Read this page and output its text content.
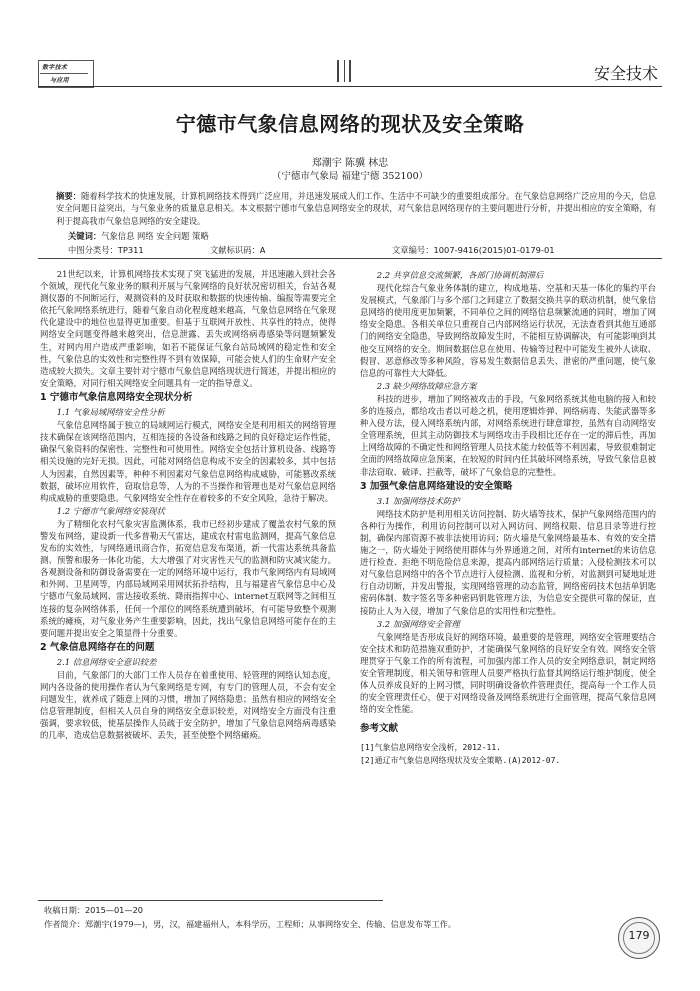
数字技术
与应用	安全技术
宁德市气象信息网络的现状及安全策略
郑潮宇 陈骥 林忠
（宁德市气象局 福建宁德 352100）
摘要：随着科学技术的快速发展，计算机网络技术得到广泛应用，并迅速发展成人们工作、生活中不可缺少的重要组成部分。在气象信息网络广泛应用的今天，信息安全问题日益突出，与气象业务的质量息息相关。本文根据宁德市气象信息网络安全的现状，对气象信息网络现存的主要问题进行分析，并提出相应的安全策略，有利于提高我市气象信息网络的安全建设。
关键词：气象信息 网络 安全问题 策略
中图分类号：TP311	文献标识码：A	文章编号：1007-9416(2015)01-0179-01

21世纪以来，计算机网络技术实现了突飞猛进的发展，并迅速融入到社会各个领域，现代化气象业务的顺利开展与气象网络的良好状况密切相关，台站各观测仪器的不间断运行，观测资料的及时获取和数据的快速传输、编报等需要完全依托气象网络系统进行，随着气象自动化程度越来越高，气象信息网络在气象现代化建设中的地位也显得更加重要。但基于互联网开放性、共享性的特点，使得网络安全问题变得越来越突出，信息泄露、丢失或网络病毒感染等问题频繁发生，对网内用户造成严重影响，如若不能保证气象台站局域网的稳定性和安全性，气象信息的实效性和完整性得不到有效保障，可能会使人们的生命财产安全造成较大损失。文章主要针对宁德市气象信息网络现状进行简述，并提出相应的安全策略，对同行相关网络安全问题具有一定的指导意义。

1 宁德市气象信息网络安全现状分析
1.1 气象局域网络安全性分析

气象信息网络属于独立的局域网运行模式，网络安全是利用相关的网络管理技术确保在该网络范围内，互相连接的各设备和线路之间的良好稳定运作性能，确保气象资料的保密性、完整性和可使用性。网络安全包括计算机设备、线路等相关设施的完好无损。因此，可能对网络信息构成不安全的因素较多，其中包括人为因素，自然因素等，种种不利因素对气象信息网络构成威胁，可能篡改系统数据，破坏应用软件，窃取信息等，人为的不当操作和管理也是对气象信息网络构成威胁的重要隐患。气象网络安全性存在着较多的不安全风险，急待于解决。

1.2 宁德市气象网络安装现状

为了精细化农村气象灾害监测体系，我市已经初步建成了覆盖农村气象的预警发布网络，建设新一代多普勒天气雷达，建成农村雷电监测网，提高气象信息发布的实效性，与网络通讯商合作，拓宽信息发布渠道，新一代雷达系统具备监测、预警和服务一体化功能，大大增强了对灾害性天气的监测和防灾减灾能力。各观测设备和防御设备需要在一定的网络环境中运行，我市气象网络内有局域网和外网、卫星网等，内部局域网采用网状拓扑结构，且与福建省气象信息中心及宁德市气象局域网、雷达接收系统、降雨指挥中心、internet互联网等之间相互连接的复杂网络体系，任何一个部位的网络系统遭到破坏，有可能导致整个观测系统的瘫痪，对气象业务产生重要影响，因此，找出气象信息网络可能存在的主要问题并提出安全之策显得十分重要。

2 气象信息网络存在的问题
2.1 信息网络安全意识较差

目前，气象部门的大部门工作人员存在着重使用、轻管理的网络认知态度，网内各设备的使用操作者认为气象网络是专网，有专门的管理人员，不会有安全问题发生，就养成了随意上网的习惯，增加了网络隐患；虽然有相应的网络安全信息管理制度，但相关人员自身的网络安全意识较差，对网络安全方面没有注重强调，要求较低，使基层操作人员疏于安全防护，增加了气象信息网络病毒感染的几率，造成信息数据被破坏、丢失，甚至使整个网络瘫痪。

2.2 共享信息交流频繁，各部门协调机制滞后

现代化综合气象业务体制的建立，构成地基、空基和天基一体化的集约平台发展模式，气象部门与多个部门之间建立了数据交换共享的联动机制，使气象信息网络的使用度更加频繁，不同单位之间的网络信息频繁流通的同时，增加了网络安全隐患。各相关单位只重视自己内部网络运行状况，无法查看到其他互通部门的网络安全隐患，导致网络故障发生时，不能相互协调解决，有可能影响到其他交互网络的安全。期间数据信息在使用、传输等过程中可能发生被外人读取、假冒、恶意修改等多种风险，容易发生数据信息丢失、泄密的严重问题，使气象信息的可靠性大大降低。

2.3 缺少网络故障应急方案

科技的进步，增加了网络被攻击的手段，气象网络系统其他电脑的接入和较多的连接点，都给攻击者以可趁之机，使用逻辑炸弹、网络病毒、失能武器等多种入侵方法，侵入网络系统内部，对网络系统进行肆意窜控，虽然有自动网络安全管理系统，但其主动防御技术与网络攻击手段相比还存在一定的滞后性，再加上网络故障的不确定性和网络管理人员技术能力较低等不利因素，导致很难制定全面的网络故障应急预案，在较短的时间内任其破坏网络系统，导致气象信息被非法窃取、破译、拦截等，破坏了气象信息的完整性。

3 加强气象信息网络建设的安全策略
3.1 加强网络技术防护

网络技术防护是利用相关访问控制、防火墙等技术，保护气象网络范围内的各种行为操作，利用访问控制可以对入网访问、网络权限、信息目录等进行控制，确保内部资源不被非法使用访问；防火墙是气象网络最基本、有效的安全措施之一，防火墙处于网络使用群体与外界通道之间，对所有internet的来访信息进行检查、拒绝不明危险信息来源，提高内部网络运行质量；入侵检测技术可以对气象信息网络中的各个节点进行入侵检测、监视和分析，对监测到可疑地址进行自动切断，并发出警报，实现网络管理的动态监管，网络密码技术包括单钥匙密码体制、数字签名等多种密码钥匙管理方法，为信息安全提供可靠的保证，直接防止人为入侵，增加了气象信息的实用性和完整性。

3.2 加强网络安全管理

气象网络是否形成良好的网络环境，最重要的是管理，网络安全管理要结合安全技术和防范措施双重防护，才能确保气象网络的良好安全有效。网络安全管理贯穿于气象工作的所有流程，可加强内部工作人员的安全网络意识，制定网络安全管理制度，相关领导和管理人员要严格执行监督其网络运行维护制度，使全体人员养成良好的上网习惯，同时明确设备软件管理责任，提高每一个工作人员的安全管理责任心，便于对网络设备及网络系统进行全面管理，提高气象信息网络的安全性能。

参考文献

[1]气象信息网络安全浅析，2012-11.

[2]通辽市气象信息网络现状及安全策略.(A)2012-07.

收稿日期：2015—01—20
作者简介：郑潮宇(1979—)，男，汉，福建福州人，本科学历，工程师；从事网络安全、传输、信息发布等工作。
179
